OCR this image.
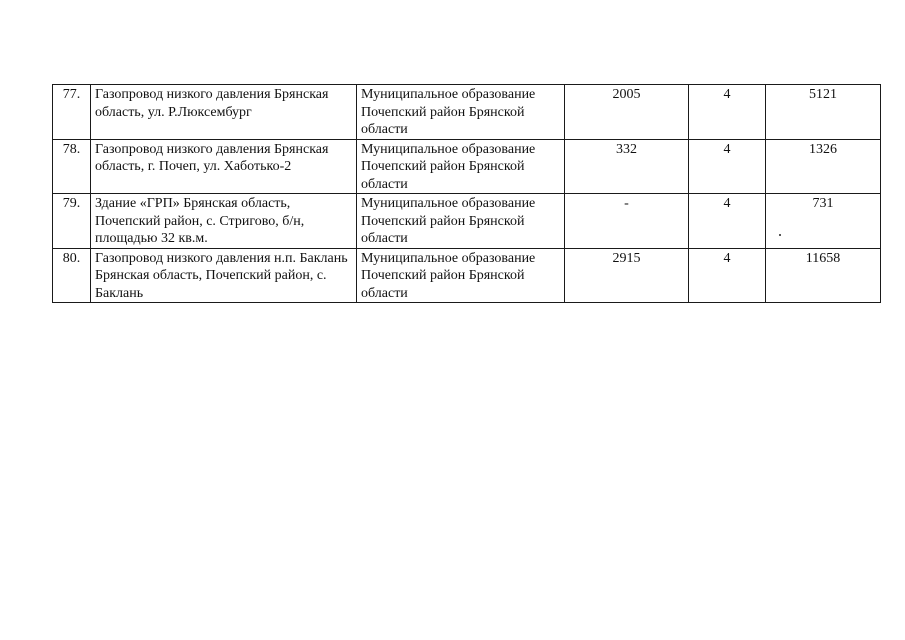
77.	Газопровод низкого давления Брянская область, ул. Р.Люксембург	Муниципальное образование Почепский район Брянской области	2005	4	5121
78.	Газопровод низкого давления Брянская область, г. Почеп, ул. Хаботько-2	Муниципальное образование Почепский район Брянской области	332	4	1326
79.	Здание «ГРП» Брянская область, Почепский район, с. Стригово, б/н, площадью 32 кв.м.	Муниципальное образование Почепский район Брянской области	-	4	731
80.	Газопровод низкого давления н.п. Баклань Брянская область, Почепский район, с. Баклань	Муниципальное образование Почепский район Брянской области	2915	4	11658
